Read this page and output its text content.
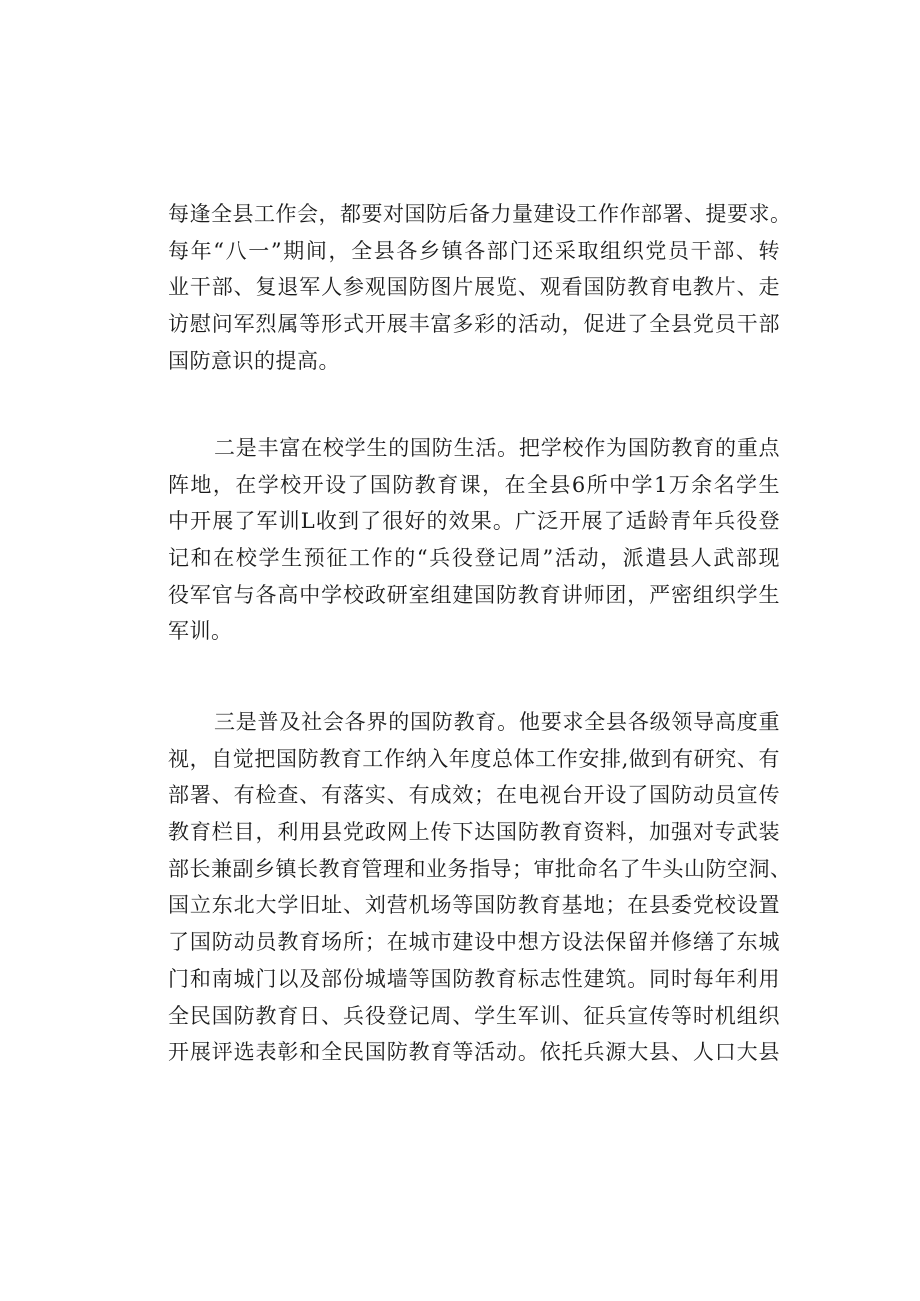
每逢全县工作会，都要对国防后备力量建设工作作部署、提要求。
每年“八一”期间，全县各乡镇各部门还采取组织党员干部、转
业干部、复退军人参观国防图片展览、观看国防教育电教片、走
访慰问军烈属等形式开展丰富多彩的活动，促进了全县党员干部
国防意识的提高。
二是丰富在校学生的国防生活。把学校作为国防教育的重点
阵地，在学校开设了国防教育课，在全县6所中学1万余名学生
中开展了军训L收到了很好的效果。广泛开展了适龄青年兵役登
记和在校学生预征工作的“兵役登记周”活动，派遣县人武部现
役军官与各高中学校政研室组建国防教育讲师团，严密组织学生
军训。
三是普及社会各界的国防教育。他要求全县各级领导高度重
视，自觉把国防教育工作纳入年度总体工作安排,做到有研究、有
部署、有检查、有落实、有成效；在电视台开设了国防动员宣传
教育栏目，利用县党政网上传下达国防教育资料，加强对专武装
部长兼副乡镇长教育管理和业务指导；审批命名了牛头山防空洞、
国立东北大学旧址、刘营机场等国防教育基地；在县委党校设置
了国防动员教育场所；在城市建设中想方设法保留并修缮了东城
门和南城门以及部份城墙等国防教育标志性建筑。同时每年利用
全民国防教育日、兵役登记周、学生军训、征兵宣传等时机组织
开展评选表彰和全民国防教育等活动。依托兵源大县、人口大县
